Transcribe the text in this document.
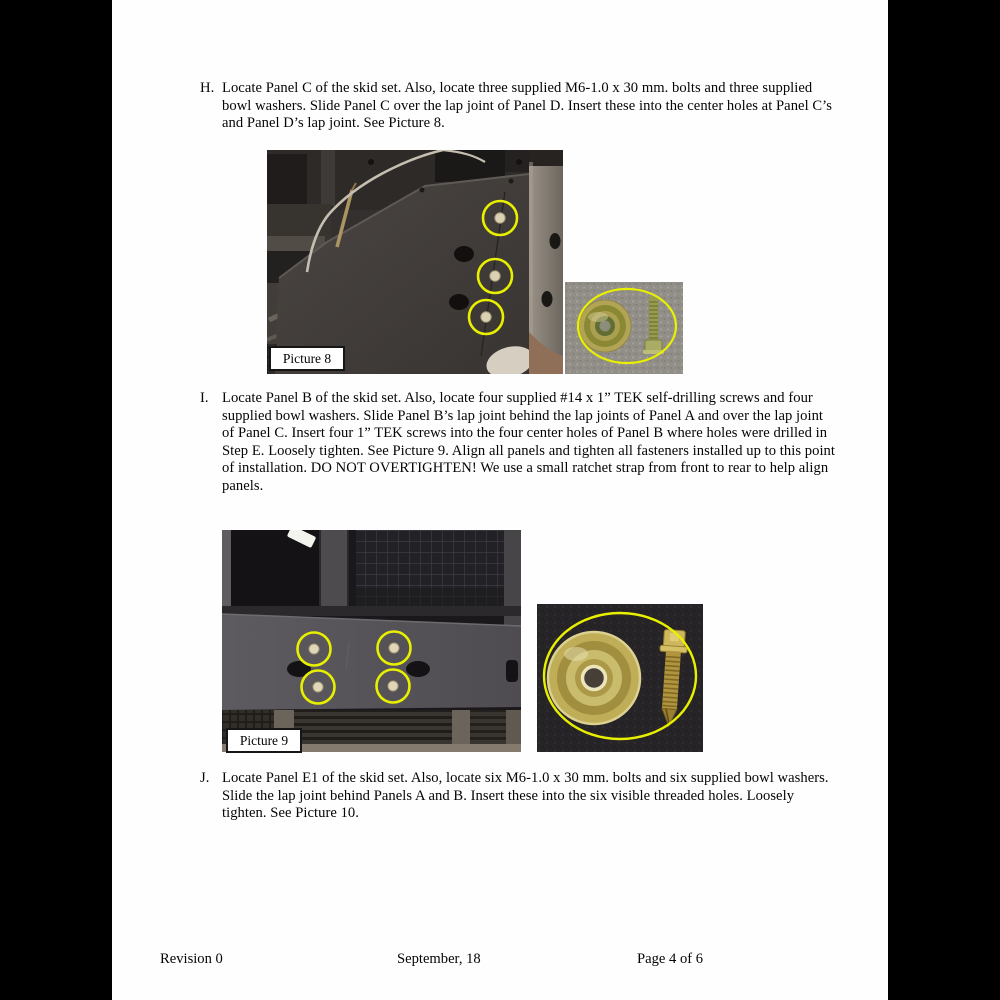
H. Locate Panel C of the skid set. Also, locate three supplied M6-1.0 x 30 mm. bolts and three supplied bowl washers. Slide Panel C over the lap joint of Panel D. Insert these into the center holes at Panel C’s and Panel D’s lap joint. See Picture 8.
Picture 8
I. Locate Panel B of the skid set. Also, locate four supplied #14 x 1” TEK self-drilling screws and four supplied bowl washers. Slide Panel B’s lap joint behind the lap joints of Panel A and over the lap joint of Panel C. Insert four 1” TEK screws into the four center holes of Panel B where holes were drilled in Step E. Loosely tighten. See Picture 9. Align all panels and tighten all fasteners installed up to this point of installation. DO NOT OVERTIGHTEN! We use a small ratchet strap from front to rear to help align panels.
Picture 9
J. Locate Panel E1 of the skid set. Also, locate six M6-1.0 x 30 mm. bolts and six supplied bowl washers. Slide the lap joint behind Panels A and B. Insert these into the six visible threaded holes. Loosely tighten. See Picture 10.
Revision 0	September, 18	Page 4 of 6
